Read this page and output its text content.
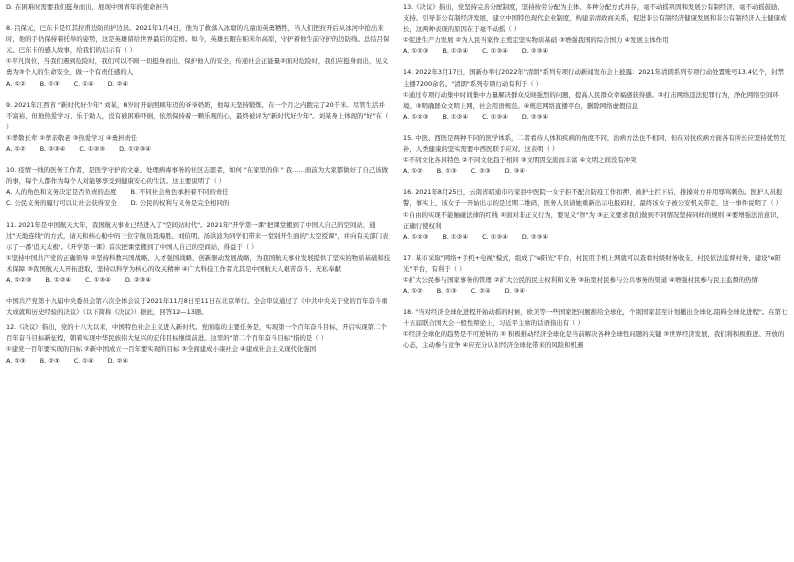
D. 在困难时需要我们挺身而出，展现中国青年的使命担当

8. 吕保元，巴东卡是红其拉甫边防的护边员。2021年1月4日，他为了救落入冰窟的儿童而英勇牺牲，当人们把拉开后从冰河中抢出来时，他的手仍保持着托举的姿势，这是英雄留给世界最后的定格。如今，英雄长眠在帕米尔高原，守护着他生前守护的边防线。总结吕保元、巴东卡的感人故事，给我们的启示有（ ）

①平凡岗位，当我们遇到危险时，我们可以不顾一切挺身而出，保护他人的安全，传递社会正能量②面对危险时，我们应挺身而出，见义勇为③个人的生命安全，做一个有责任感的人

A. ①② B. ①③ C. ①④ D. ②④

9. 2021年江西省 "新时代好少年" 刘某，8岁时开始照顾年迈的爷爷奶奶，他每天坚持锻炼，在一个月之内跑完了20千米。尽管生活并不富裕，但他热爱学习、乐于助人，没有被困难吓倒，依然保持着一颗乐观的心，最终被评为"新时代好少年"。刘某身上体现的"好"在（ ）

①孝敬长辈 ②孝亲敬老 ③热爱学习 ④勇担责任

A. ①② B. ②③④ C. ①②③ D. ①②③④

10. 疫情一线的医务工作者，是医学守护的文豪、处理病毒事务的社区志愿者，如何 "在家里的你 " 我……面前为大家都做好了自己该做的事，每个人都作为每个人对能够享受到健康安心的生活。这主要说明了（ ）

A. 人的角色和义务决定是否负责的态度 B. 不同社会角色承担着不同的责任

C. 公民义务的履行可以让社会获得安全 D. 公民的权利与义务是完全相同的

11. 2021年是中国航天大年，我国航天事业已经进入了"空间站时代"。2021年"开学第一课"把课堂搬到了中国人自己的空间站，通过"天地连线"的方式，请天和核心舱中的三位宇航员聂海胜、刘伯明、汤洪波为同学们带来一堂别开生面的"太空授课"，并向有关部门表示了一番'追天太极'。《开学第一课》首次把课堂搬到了中国人自己的空间站，得益于（ ）

①坚持中国共产党的正确领导 ②坚持科教兴国战略、人才强国战略、创新驱动发展战略，为我国航天事业发展提供了坚实的物质基础和技术保障 ③我国航天人开拓进取，坚持以科学为核心的攻关精神 ④广大科技工作者尤其是中国航天人艰苦奋斗、无私奉献

A. ①②③ B. ①②④ C. ①③④ D. ②③④

中国共产党第十九届中央委员会第六次全体会议于2021年11月8日至11日在北京举行。全会审议通过了《中共中央关于党的百年奋斗重大成就和历史经验的决议》（以下简称《决议》）据此，回答12—13题。

12.《决议》指出，党的十八大以来，中国特色社会主义进入新时代。党面临的主要任务是，实现第一个百年奋斗目标，开启实现第二个百年奋斗目标新征程，朝着实现中华民族伟大复兴的宏伟目标继续前进。这里的"第二个百年奋斗目标"指的是（ ）

①建党一百年要实现的目标 ②新中国成立一百年要实现的目标 ③全面建成小康社会 ④建成社会主义现代化强国

A. ①③ B. ②③ C. ①④ D. ②④

13.《决议》指出，党坚持完善分配制度，坚持按劳分配为主体、多种分配方式并存，毫不动摇巩固和发展公有制经济，毫不动摇鼓励、支持、引导非公有制经济发展，建立中国特色现代企业制度，构建亲清政商关系，促进非公有制经济健康发展和非公有制经济人士健康成长，这两种表现的原因在于毫不动摇（ ）

①促进生产力发展 ②为人民当家作主奠定坚实物质基础 ③增强我国的综合国力 ④发展主体作用

A. ①②③ B. ①②④ C. ①③④ D. ②③④

14. 2022年3月17日，国新办举行2022年"清朗"系列专项行动新闻发布会上披露：2021年清朗系列专项行动处置账号13.4亿个，封禁主播7200余名。"清朗"系列专项行动有利于（ ）

①通过专项行动集中时间集中力量解决群众反映强烈的问题，提高人民群众幸福感获得感。②打击网络违法犯罪行为，净化网络空间环境。③明确群众文明上网，社会用语规范。④规范网络直播平台，删除网络虚假信息

A. ①②③ B. ①②④ C. ①③④ D. ②③④

15. 中医、西医是两种不同的医学体系，二者看待人体和疾病的角度不同，治病方法也不相同，但在对抗疾病方面各有所长应坚持优势互补，人类健康的坚实需要中西医联手应对。这表明（ ）

①不同文化各具特色 ②不同文化趋于相同 ③文明因交流而丰富 ④文明之间没有冲突

A. ①② B. ①③ C. ②③ D. ③④

16. 2021年8月25日，云南省昭通市巧家县中医院一女子拒不配合防疫工作扣押、被护士拦下后，推搡对方并用辱骂刺伤。医护人员报警，事实上，该女子一开始出示的是过期二维码，医务人员请她重新出示电报码时，最终该女子被公安机关带走，这一事件说明了（ ）

①自由的实现不能触碰法律的红线 ②面对非正义行为，要见义"智"为 ③正义要求我们做到不同情况坚持同样的规则 ④要增强法治意识，正确行使权利

A. ①②③ B. ①②④ C. ①③④ D. ②③④

17. 某市采取"网络+手机+电视"模式，组成了"e阳光"平台，村民用手机上网就可以查看村级财务收支，村民依法监督村务，建设"e阳光"平台，有利于（ ）

①扩大公民参与国家事务的管理 ②扩大公民的民主权利和义务 ③拓宽村民参与公共事务的渠道 ④增强村民参与民主监督的热情

A. ①② B. ①③ C. ②④ D. ③④

18. "当对经济全球化进程开始动摇的时候，欧美等一些国家把问题推给全球化，个别国家甚至计划撤出全球化,阻碍全球化进程"。在第七十五届联合国大会一般性辩论上，习近平主席的话语指出有（ ）

①经济全球化的趋势是不可逆转的 ② 积极推动经济全球化是当前解决各种全球性问题的关键 ③世界经济发展，我们将积极推进、开放的心态，主动参与竞争 ④应充分认识经济全球化带来的风险和机遇
